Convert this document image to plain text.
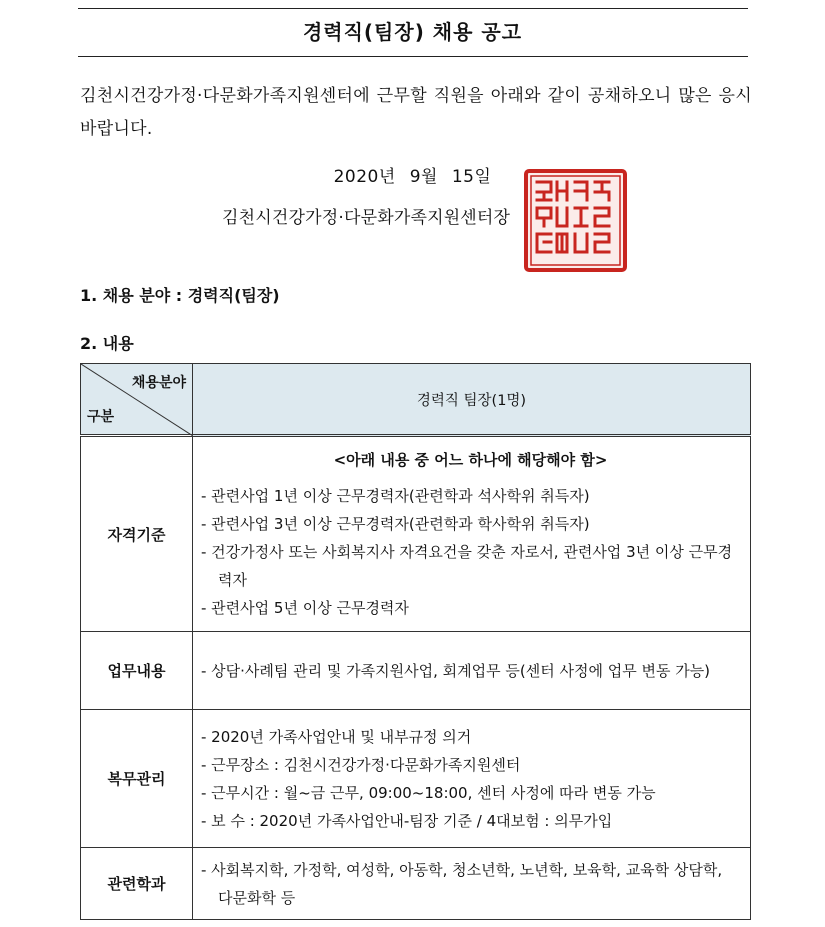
경력직(팀장) 채용 공고

김천시건강가정·다문화가족지원센터에 근무할 직원을 아래와 같이 공채하오니 많은 응시바랍니다.

2020년 9월 15일
김천시건강가정·다문화가족지원센터장
1. 채용 분야 : 경력직(팀장)
2. 내용
채용분야
구분	경력직 팀장(1명)
자격기준	<아래 내용 중 어느 하나에 해당해야 함>
- 관련사업 1년 이상 근무경력자(관련학과 석사학위 취득자)
- 관련사업 3년 이상 근무경력자(관련학과 학사학위 취득자)
- 건강가정사 또는 사회복지사 자격요건을 갖춘 자로서, 관련사업 3년 이상 근무경력자
- 관련사업 5년 이상 근무경력자

업무내용	- 상담·사례팀 관리 및 가족지원사업, 회계업무 등(센터 사정에 업무 변동 가능)

복무관리	- 2020년 가족사업안내 및 내부규정 의거
- 근무장소 : 김천시건강가정·다문화가족지원센터
- 근무시간 : 월~금 근무, 09:00~18:00, 센터 사정에 따라 변동 가능
- 보 수 : 2020년 가족사업안내-팀장 기준 / 4대보험 : 의무가입

관련학과	- 사회복지학, 가정학, 여성학, 아동학, 청소년학, 노년학, 보육학, 교육학 상담학, 다문화학 등
